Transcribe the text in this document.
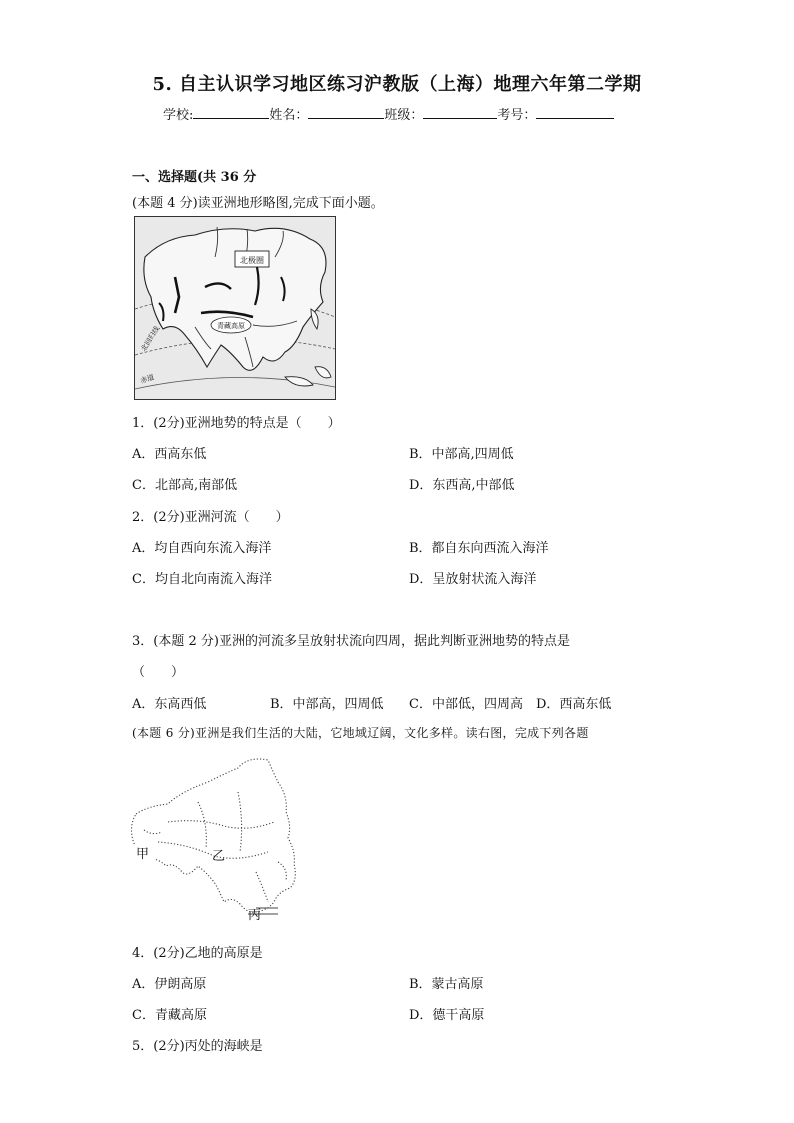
5. 自主认识学习地区练习沪教版（上海）地理六年第二学期
学校:	姓名：	班级：	考号：
一、选择题(共 36 分
(本题 4 分)读亚洲地形略图,完成下面小题。
北极圈
青藏高原
北回归线
赤道
1．(2分)亚洲地势的特点是（　　）
A．西高东低	B．中部高,四周低
C．北部高,南部低	D．东西高,中部低
2．(2分)亚洲河流（　　）
A．均自西向东流入海洋	B．都自东向西流入海洋
C．均自北向南流入海洋	D．呈放射状流入海洋
3．(本题 2 分)亚洲的河流多呈放射状流向四周，据此判断亚洲地势的特点是
（　　）
A．东高西低	B．中部高，四周低 C．中部低，四周高 D．西高东低
(本题 6 分)亚洲是我们生活的大陆，它地域辽阔，文化多样。读右图，完成下列各题
甲	乙
丙
4．(2分)乙地的高原是
A．伊朗高原	B．蒙古高原
C．青藏高原	D．德干高原
5．(2分)丙处的海峡是
